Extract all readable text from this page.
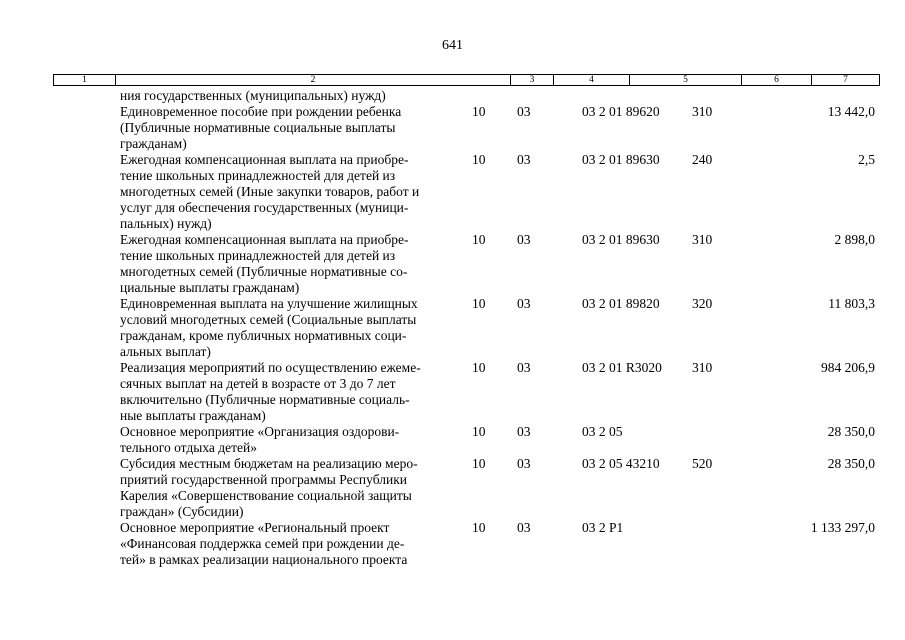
641
1	2	3	4	5	6	7
ния государственных (муниципальных) нужд)
Единовременное пособие при рождении ребенка
(Публичные нормативные социальные выплаты
гражданам)
10 03	03 2 01 89620 310	13 442,0
Ежегодная компенсационная выплата на приобре-
тение школьных принадлежностей для детей из
многодетных семей (Иные закупки товаров, работ и
услуг для обеспечения государственных (муници-
пальных) нужд)
10 03	03 2 01 89630 240	2,5
Ежегодная компенсационная выплата на приобре-
тение школьных принадлежностей для детей из
многодетных семей (Публичные нормативные со-
циальные выплаты гражданам)
10 03	03 2 01 89630 310	2 898,0
Единовременная выплата на улучшение жилищных
условий многодетных семей (Социальные выплаты
гражданам, кроме публичных нормативных соци-
альных выплат)
10 03	03 2 01 89820 320	11 803,3
Реализация мероприятий по осуществлению ежеме-
сячных выплат на детей в возрасте от 3 до 7 лет
включительно (Публичные нормативные социаль-
ные выплаты гражданам)
10 03	03 2 01 R3020 310	984 206,9
Основное мероприятие «Организация оздорови-
тельного отдыха детей»
10 03	03 2 05	28 350,0
Субсидия местным бюджетам на реализацию меро-
приятий государственной программы Республики
Карелия «Совершенствование социальной защиты
граждан» (Субсидии)
10 03	03 2 05 43210 520	28 350,0
Основное мероприятие «Региональный проект
«Финансовая поддержка семей при рождении де-
тей» в рамках реализации национального проекта
10 03	03 2 P1	1 133 297,0
